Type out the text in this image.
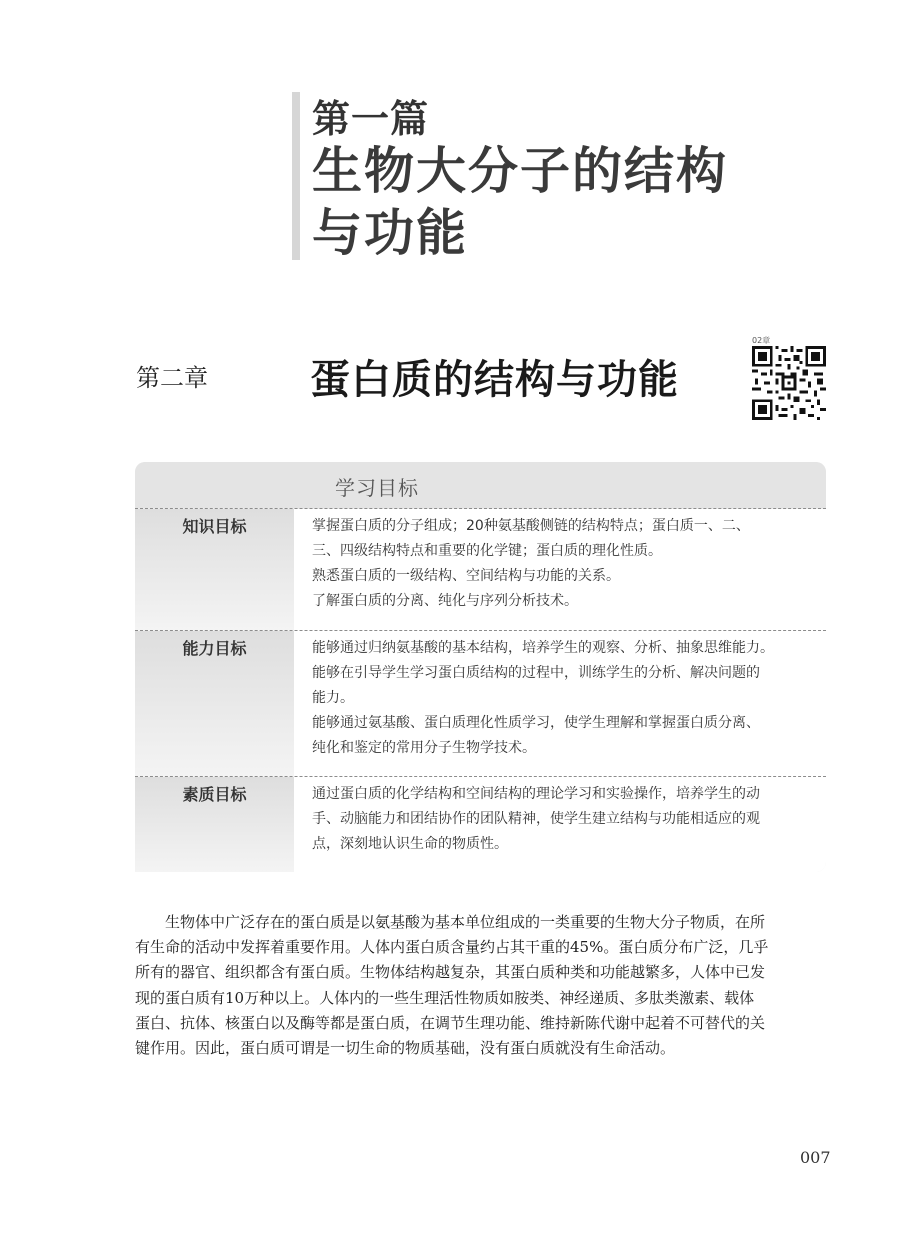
第一篇
生物大分子的结构
与功能
第二章	蛋白质的结构与功能
02章
学习目标
知识目标	掌握蛋白质的分子组成；20种氨基酸侧链的结构特点；蛋白质一、二、
三、四级结构特点和重要的化学键；蛋白质的理化性质。
熟悉蛋白质的一级结构、空间结构与功能的关系。
了解蛋白质的分离、纯化与序列分析技术。
能力目标	能够通过归纳氨基酸的基本结构，培养学生的观察、分析、抽象思维能力。
能够在引导学生学习蛋白质结构的过程中，训练学生的分析、解决问题的
能力。
能够通过氨基酸、蛋白质理化性质学习，使学生理解和掌握蛋白质分离、
纯化和鉴定的常用分子生物学技术。
素质目标	通过蛋白质的化学结构和空间结构的理论学习和实验操作，培养学生的动
手、动脑能力和团结协作的团队精神，使学生建立结构与功能相适应的观
点，深刻地认识生命的物质性。
生物体中广泛存在的蛋白质是以氨基酸为基本单位组成的一类重要的生物大分子物质，在所
有生命的活动中发挥着重要作用。人体内蛋白质含量约占其干重的45%。蛋白质分布广泛，几乎
所有的器官、组织都含有蛋白质。生物体结构越复杂，其蛋白质种类和功能越繁多，人体中已发
现的蛋白质有10万种以上。人体内的一些生理活性物质如胺类、神经递质、多肽类激素、载体
蛋白、抗体、核蛋白以及酶等都是蛋白质，在调节生理功能、维持新陈代谢中起着不可替代的关
键作用。因此，蛋白质可谓是一切生命的物质基础，没有蛋白质就没有生命活动。
007
